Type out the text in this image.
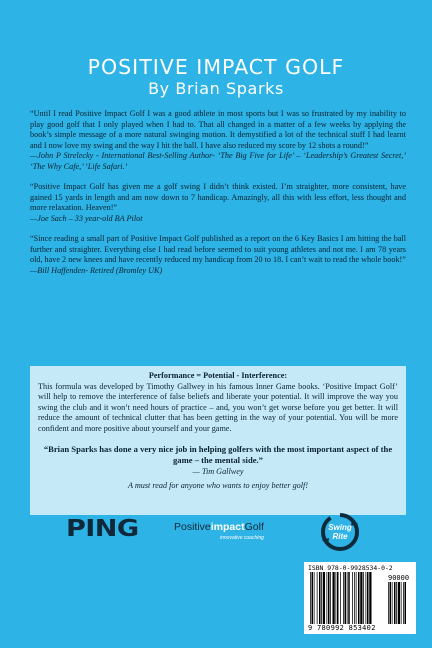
POSITIVE IMPACT GOLF
By Brian Sparks

“Until I read Positive Impact Golf I was a good athlete in most sports but I was so frustrated by my inability to play good golf that I only played when I had to. That all changed in a matter of a few weeks by applying the book’s simple message of a more natural swinging motion. It demystified a lot of the technical stuff I had learnt and I now love my swing and the way I hit the ball. I have also reduced my score by 12 shots a round!”
—John P Strelecky - International Best-Selling Author- ‘The Big Five for Life’ – ‘Leadership’s Greatest Secret,’ ‘The Why Cafe,’ ‘Life Safari.’

“Positive Impact Golf has given me a golf swing I didn’t think existed. I’m straighter, more consistent, have gained 15 yards in length and am now down to 7 handicap. Amazingly, all this with less effort, less thought and more relaxation. Heaven!”
—Joe Sach – 33 year-old BA Pilot

“Since reading a small part of Positive Impact Golf published as a report on the 6 Key Basics I am hitting the ball further and straighter. Everything else I had read before seemed to suit young athletes and not me. I am 78 years old, have 2 new knees and have recently reduced my handicap from 20 to 18. I can’t wait to read the whole book!”
—Bill Haffenden- Retired (Bromley UK)

Performance = Potential - Interference:

This formula was developed by Timothy Gallwey in his famous Inner Game books. ‘Positive Impact Golf’ will help to remove the interference of false beliefs and liberate your potential. It will improve the way you swing the club and it won’t need hours of practice – and, you won’t get worse before you get better. It will reduce the amount of technical clutter that has been getting in the way of your potential. You will be more confident and more positive about yourself and your game.

“Brian Sparks has done a very nice job in helping golfers with the most important aspect of the game – the mental side.”

— Tim Gallwey

A must read for anyone who wants to enjoy better golf!

PING	PositiveimpactGolf
innovative coaching
Swing
Rite
ISBN 978-0-9928534-0-2
90000
9 780992 853402
